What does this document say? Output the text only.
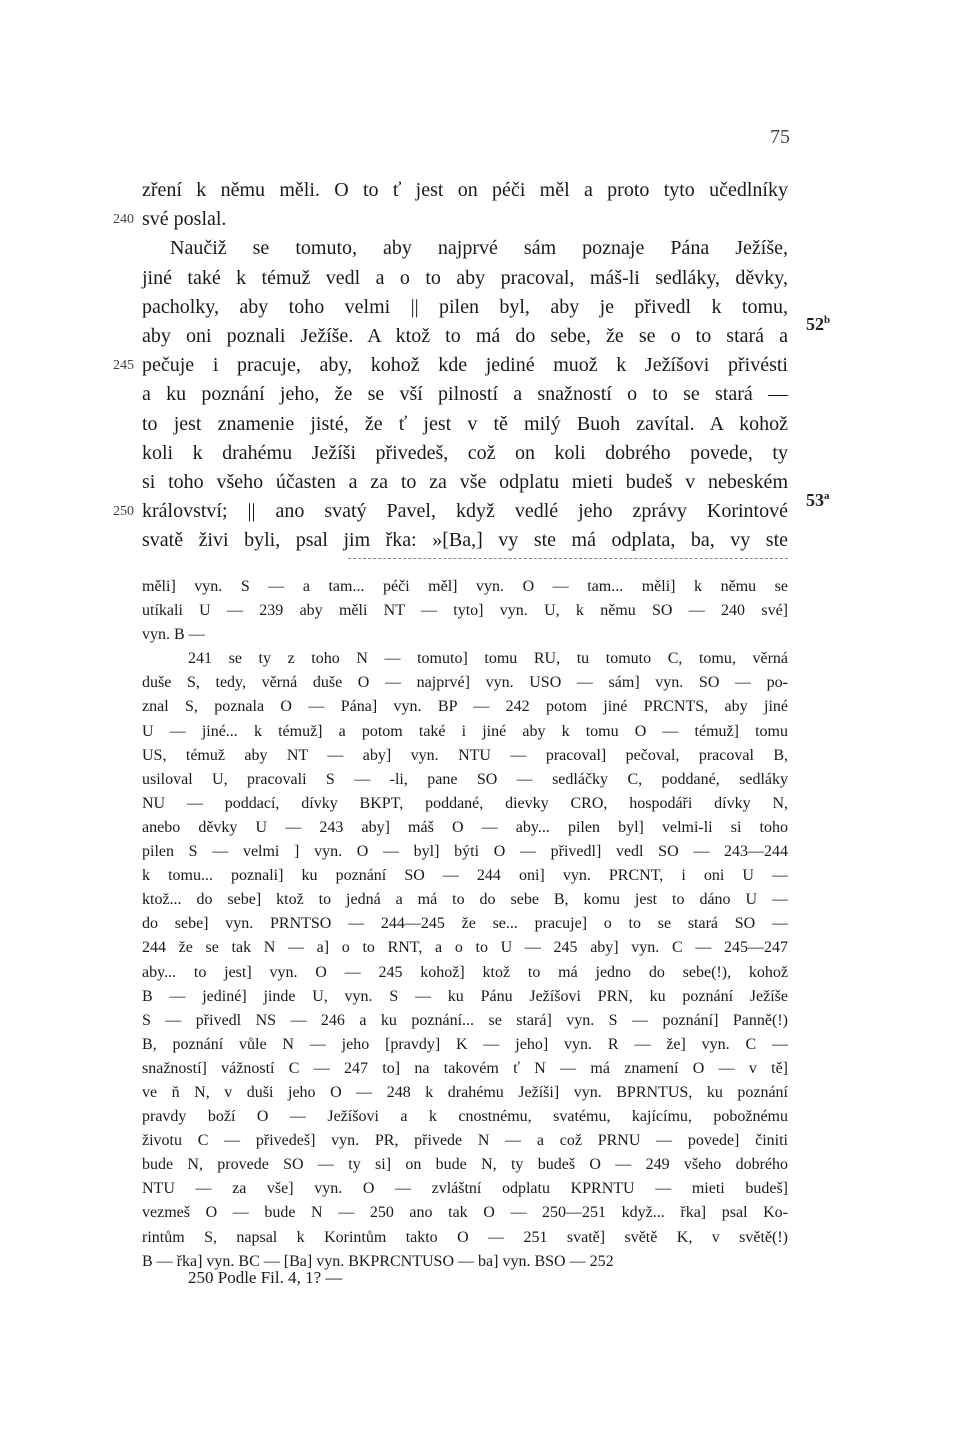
75
zření k němu měli. O to ť jest on péči měl a proto tyto učedlníky
své poslal.
Naučiž se tomuto, aby najprvé sám poznaje Pána Ježíše,
jiné také k témuž vedl a o to aby pracoval, máš-li sedláky, děvky,
pacholky, aby toho velmi || pilen byl, aby je přivedl k tomu,
aby oni poznali Ježíše. A ktož to má do sebe, že se o to stará a
pečuje i pracuje, aby, kohož kde jediné muož k Ježíšovi přivésti
a ku poznání jeho, že se vší pilností a snažností o to se stará —
to jest znamenie jisté, že ť jest v tě milý Buoh zavítal. A kohož
koli k drahému Ježíši přivedeš, což on koli dobrého povede, ty
si toho všeho účasten a za to za vše odplatu mieti budeš v nebeském
království; || ano svatý Pavel, když vedlé jeho zprávy Korintové
svatě živi byli, psal jim řka: »[Ba,] vy ste má odplata, ba, vy ste
240
245
250
52$^b$
53$^a$
měli] vyn. S — a tam... péči měl] vyn. O — tam... měli] k němu se
utíkali U — 239 aby měli NT — tyto] vyn. U, k němu SO — 240 své]
vyn. B —
241 se ty z toho N — tomuto] tomu RU, tu tomuto C, tomu, věrná
duše S, tedy, věrná duše O — najprvé] vyn. USO — sám] vyn. SO — po-
znal S, poznala O — Pána] vyn. BP — 242 potom jiné PRCNTS, aby jiné
U — jiné... k témuž] a potom také i jiné aby k tomu O — témuž] tomu
US, témuž aby NT — aby] vyn. NTU — pracoval] pečoval, pracoval B,
usiloval U, pracovali S — -li, pane SO — sedláčky C, poddané, sedláky
NU — poddací, dívky BKPT, poddané, dievky CRO, hospodáři dívky N,
anebo děvky U — 243 aby] máš O — aby... pilen byl] velmi-li si toho
pilen S — velmi ] vyn. O — byl] býti O — přivedl] vedl SO — 243—244
k tomu... poznali] ku poznání SO — 244 oni] vyn. PRCNT, i oni U —
ktož... do sebe] ktož to jedná a má to do sebe B, komu jest to dáno U —
do sebe] vyn. PRNTSO — 244—245 že se... pracuje] o to se stará SO —
244 že se tak N — a] o to RNT, a o to U — 245 aby] vyn. C — 245—247
aby... to jest] vyn. O — 245 kohož] ktož to má jedno do sebe(!), kohož
B — jediné] jinde U, vyn. S — ku Pánu Ježíšovi PRN, ku poznání Ježíše
S — přivedl NS — 246 a ku poznání... se stará] vyn. S — poznání] Panně(!)
B, poznání vůle N — jeho [pravdy] K — jeho] vyn. R — že] vyn. C —
snažností] vážností C — 247 to] na takovém ť N — má znamení O — v tě]
ve ň N, v duši jeho O — 248 k drahému Ježíši] vyn. BPRNTUS, ku poznání
pravdy boží O — Ježíšovi a k cnostnému, svatému, kajícímu, pobožnému
životu C — přivedeš] vyn. PR, přivede N — a což PRNU — povede] činiti
bude N, provede SO — ty si] on bude N, ty budeš O — 249 všeho dobrého
NTU — za vše] vyn. O — zvláštní odplatu KPRNTU — mieti budeš]
vezmeš O — bude N — 250 ano tak O — 250—251 když... řka] psal Ko-
rintům S, napsal k Korintům takto O — 251 svatě] světě K, v světě(!)
B — řka] vyn. BC — [Ba] vyn. BKPRCNTUSO — ba] vyn. BSO — 252
250 Podle Fil. 4, 1? —
